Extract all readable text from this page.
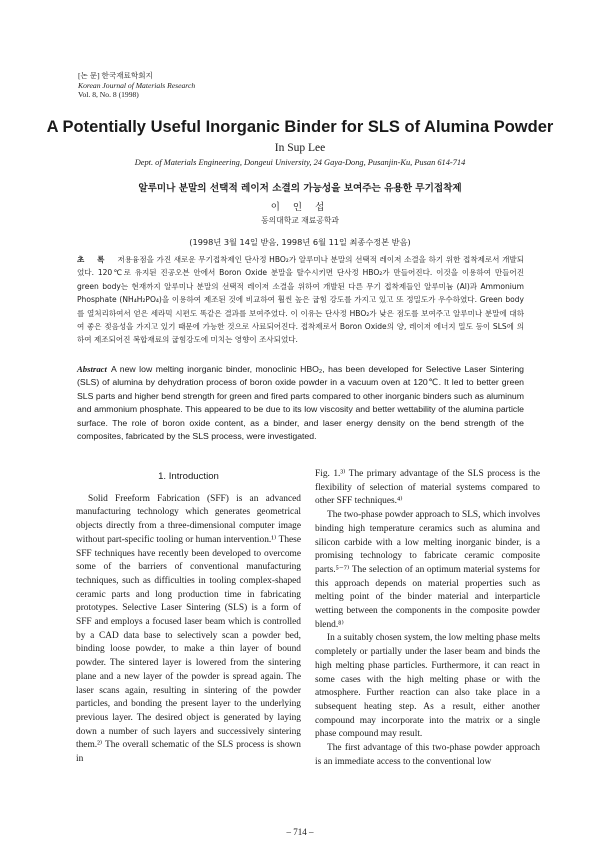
[논 문] 한국재료학회지
Korean Journal of Materials Research
Vol. 8, No. 8 (1998)
A Potentially Useful Inorganic Binder for SLS of Alumina Powder
In Sup Lee
Dept. of Materials Engineering, Dongeui University, 24 Gaya-Dong, Pusanjin-Ku, Pusan 614-714
알루미나 분말의 선택적 레이저 소결의 가능성을 보여주는 유용한 무기접착제
이 인 섭
동의대학교 재료공학과
(1998년 3월 14일 받음, 1998년 6월 11일 최종수정본 받음)
초 록 저용융점을 가진 새로운 무기접착제인 단사정 HBO₂가 알루미나 분말의 선택적 레이저 소결을 하기 위한 접착제로서 개발되었다. 120℃로 유지된 진공오븐 안에서 Boron Oxide 분말을 탈수시키면 단사정 HBO₂가 만들어진다. 이것을 이용하여 만들어진 green body는 현재까지 알루미나 분말의 선택적 레이저 소결을 위하여 개발된 다른 무기 접착제들인 알루미늄 (Al)과 Ammonium Phosphate (NH₄H₂PO₄)을 이용하여 제조된 것에 비교하여 훨씬 높은 굽힘 강도를 가지고 있고 또 정밀도가 우수하였다. Green body를 열처리하여서 얻은 세라믹 시편도 똑같은 결과를 보여주었다. 이 이유는 단사정 HBO₂가 낮은 점도를 보여주고 알루미나 분말에 대하여 좋은 젖음성을 가지고 있기 때문에 가능한 것으로 사료되어진다. 접착제로서 Boron Oxide의 양, 레이저 에너지 밀도 등이 SLS에 의하여 제조되어진 복합재료의 굽힘강도에 미치는 영향이 조사되었다.
Abstract A new low melting inorganic binder, monoclinic HBO₂, has been developed for Selective Laser Sintering (SLS) of alumina by dehydration process of boron oxide powder in a vacuum oven at 120℃. It led to better green SLS parts and higher bend strength for green and fired parts compared to other inorganic binders such as aluminum and ammonium phosphate. This appeared to be due to its low viscosity and better wettability of the alumina particle surface. The role of boron oxide content, as a binder, and laser energy density on the bend strength of the composites, fabricated by the SLS process, were investigated.
1. Introduction

Solid Freeform Fabrication (SFF) is an advanced manufacturing technology which generates geometrical objects directly from a three-dimensional computer image without part-specific tooling or human intervention.¹⁾ These SFF techniques have recently been developed to overcome some of the barriers of conventional manufacturing techniques, such as difficulties in tooling complex-shaped ceramic parts and long production time in fabricating prototypes. Selective Laser Sintering (SLS) is a form of SFF and employs a focused laser beam which is controlled by a CAD data base to selectively scan a powder bed, binding loose powder, to make a thin layer of bound powder. The sintered layer is lowered from the sintering plane and a new layer of the powder is spread again. The laser scans again, resulting in sintering of the powder particles, and bonding the present layer to the underlying previous layer. The desired object is generated by laying down a number of such layers and successively sintering them.²⁾ The overall schematic of the SLS process is shown in

Fig. 1.³⁾ The primary advantage of the SLS process is the flexibility of selection of material systems compared to other SFF techniques.⁴⁾

The two-phase powder approach to SLS, which involves binding high temperature ceramics such as alumina and silicon carbide with a low melting inorganic binder, is a promising technology to fabricate ceramic composite parts.⁵⁻⁷⁾ The selection of an optimum material systems for this approach depends on material properties such as melting point of the binder material and interparticle wetting between the components in the composite powder blend.⁸⁾

In a suitably chosen system, the low melting phase melts completely or partially under the laser beam and binds the high melting phase particles. Furthermore, it can react in some cases with the high melting phase or with the atmosphere. Further reaction can also take place in a subsequent heating step. As a result, either another compound may incorporate into the matrix or a single phase compound may result.

The first advantage of this two-phase powder approach is an immediate access to the conventional low

– 714 –
